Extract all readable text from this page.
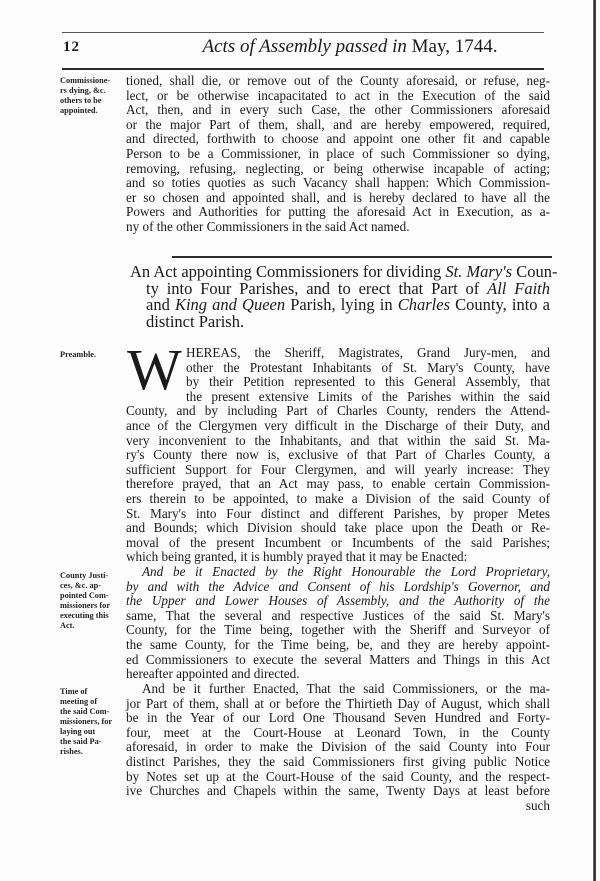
12	Acts of Assembly passed in May, 1744.
Commissione-
rs dying, &c.
others to be
appointed.
tioned, shall die, or remove out of the County aforesaid, or refuse, neg-
lect, or be otherwise incapacitated to act in the Execution of the said
Act, then, and in every such Case, the other Commissioners aforesaid
or the major Part of them, shall, and are hereby empowered, required,
and directed, forthwith to choose and appoint one other fit and capable
Person to be a Commissioner, in place of such Commissioner so dying,
removing, refusing, neglecting, or being otherwise incapable of acting;
and so toties quoties as such Vacancy shall happen: Which Commission-
er so chosen and appointed shall, and is hereby declared to have all the
Powers and Authorities for putting the aforesaid Act in Execution, as a-
ny of the other Commissioners in the said Act named.
An Act appointing Commissioners for dividing St. Mary's Coun-
ty into Four Parishes, and to erect that Part of All Faith
and King and Queen Parish, lying in Charles County, into a
distinct Parish.
Preamble. W HEREAS, the Sheriff, Magistrates, Grand Jury-men, and
other the Protestant Inhabitants of St. Mary's County, have
by their Petition represented to this General Assembly, that
the present extensive Limits of the Parishes within the said
County, and by including Part of Charles County, renders the Attend-
ance of the Clergymen very difficult in the Discharge of their Duty, and
very inconvenient to the Inhabitants, and that within the said St. Ma-
ry's County there now is, exclusive of that Part of Charles County, a
sufficient Support for Four Clergymen, and will yearly increase: They
therefore prayed, that an Act may pass, to enable certain Commission-
ers therein to be appointed, to make a Division of the said County of
St. Mary's into Four distinct and different Parishes, by proper Metes
and Bounds; which Division should take place upon the Death or Re-
moval of the present Incumbent or Incumbents of the said Parishes;
which being granted, it is humbly prayed that it may be Enacted:
County Justi-
ces, &c. ap-
pointed Com-
missioners for
executing this
Act.
And be it Enacted by the Right Honourable the Lord Proprietary,
by and with the Advice and Consent of his Lordship's Governor, and
the Upper and Lower Houses of Assembly, and the Authority of the
same, That the several and respective Justices of the said St. Mary's
County, for the Time being, together with the Sheriff and Surveyor of
the same County, for the Time being, be, and they are hereby appoint-
ed Commissioners to execute the several Matters and Things in this Act
hereafter appointed and directed.
Time of
meeting of
the said Com-
missioners, for
laying out
the said Pa-
rishes.
And be it further Enacted, That the said Commissioners, or the ma-
jor Part of them, shall at or before the Thirtieth Day of August, which shall
be in the Year of our Lord One Thousand Seven Hundred and Forty-
four, meet at the Court-House at Leonard Town, in the County
aforesaid, in order to make the Division of the said County into Four
distinct Parishes, they the said Commissioners first giving public Notice
by Notes set up at the Court-House of the said County, and the respect-
ive Churches and Chapels within the same, Twenty Days at least before
such
